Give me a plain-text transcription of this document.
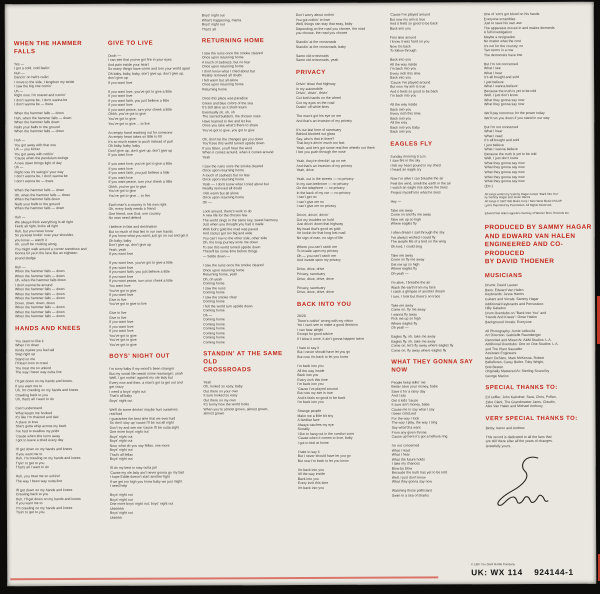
WHEN THE HAMMER FALLS
Yes —
I got a cold, cold feelin'
Huh —
Dancin' on hell's ceilin'
I move to the side, I lengthen my stride
I saw the big one comin'
Uh —
Right now, I'm scared and runnin'
I don't wanna be, I don't wanna be
I don't wanna be — there
When the hammer falls — down
Huh, when the hammer falls — down
When the hammer falls down
Nails your balls to the ground
When the hammer falls — down
Huh —
You got away with that one
Uh — you kicker
You got away with nothin'
'Cause when the pendulum swings
A new dawn brings light of day
Uh —
Right now it's swingin' your way
I don't wanna be, I don't wanna be
I don't wanna be — there
When the hammer falls — down
Oh, when the hammer falls — down
When the hammer falls down
Nails your balls to the ground
When the hammer falls — down
Huh —
We always think everything is all right
Feels all right, looks all right
Huh, but you never know
So ya keep lookin' over your shoulder,
you know — watch it
Uh, you'll be cruising along
You might walk around a corner somehow and
Gonna hit ya in the face like an eighteen
pound sledge
Huh —
When the hammer falls — down
When the hammer falls — down
Uh, when the hammer falls down
I don't wanna be around
When the hammer falls — down
When the hammer falls — down
When the hammer falls — down
Down, down, down, down
When the hammer falls — down
When the hammer falls — down
When the hammer falls — down
HANDS AND KNEES
You seem to like it
When I'm down
Kinda makes you feel tall
Step right up
Stand on me
I'll learn how to crawl
You treat me so unkind
The way I been way outta line
I'll get down on my hands and knees.
If you want me to
Uh, I'm crawling on my hands and knees
Crawling back to you
Uh, that's all I want to do
Can't understand
What keeps me hooked
It's like I'm chained and tied
A slave to love
She's gotta whip across my back
I've had to swallow my pride
'Cause when she turns away
I got to leave a shed every day
I'll get down on my hands and knees
If you want me to
Huh, I'm crawling on my hands and knees
Tryin' to get to you
That's all I want to do
Huh, you treat me so unkind
The way I been way outta line
I'll get down on my hands and knees
Crawling back to you
Huh, I'll get down on my hands and knees
If you want me to
I'm crawling on my hands and knees
Tryin' to get to you
GIVE TO LIVE
Oooh —
I can see that you've got fire in your eyes
And pain inside your heart
So many things have come and torn your world apart
Oh baby, baby, baby, don't give up, don't give up,
don't give up
If you want love
If you want love, you've got to give a little
If you want love
If you want faith, you just believe a little
If you want love
If you want peace, turn your cheek a little
Ohhh, you've got to give
You've got to give
You've got to give ... to live
An empty hand reaching out for someone
An empty heart takes so little to fill
It's so much easier to push instead of pull
Oh baby, baby, baby
Don't give up, don't give up, don't give up
If you want love
If you want love, you've got to give a little
If you want love
If you want faith, you just believe a little
If you want love
If you want peace, turn your cheek a little
Ohhh, you've got to give
You've got to give
You've got to give ... to live
Each man's a country in his own right
Oh, every body needs a friend
One friend, one God, one country
No man need defend
I believe in fate and destination
But so much of that lies in our own hands
If you know what you want, just go on out and get it
Oh baby, baby
Don't give up, don't give up
Yeah, yeah
If you want love
If you want love, you've got to give a little
If you want love
If you want faith, you just believe a little
If you want love
If you want peace, turn your cheek a little
You want love
You've got to give
If you want love
Give to live
You've got to give to live
Give to live
Give to live
If you want love
If you want love
If you want love
You've got to give
You've got to give
You've got to give
BOYS' NIGHT OUT
I'm sorry baby if my mood's been changin'
But my social life needs some rearrangin', yeah
Well, I got nothin' against my ole lady but
Every now and then, a man's got ta get out and
get crazy
I need a boys' night out
That's all baby
Boys' night out
We'll do some drinkin' maybe hurt ourselves
real bad
I guarantee the best time that we ever had
So don't stay up 'cause I'll be out all night
Don't try and see me 'cause I'll be outta sight
One more boys' night out
Boys' night out
Boys' night out
Now, what do you say fellas, one more
Boys' night out
That's all fellas
Boys' night out
I'll do my best to stay outta jail
'Cause my ole lady ain't never gonna go my bail
I hope Eddie doesn't start another fight
If we get too high you know baby we just might
I need help
Boys' night out
Boys' night out
One more boys' night out, boys' night out
Uhhhhhh
Boys' night out
Uhhhhh
Boys' night out
What's happening, mama
Boys' night out
That's all
RETURNING HOME
I saw the ruins once the smoke cleared
Once upon returning home
A touch of sadness, but no fear
Once upon returning home
I don't know what I cried about but
Reality removed all doubt
I felt warm but all alone
Once upon returning home
Returning home
Once this place was paradise
Green and blue colors of the sea
It's still alive as it shall return
Eventually oh, oh, oh
The sacred builders, the chosen ones
Have learned to live and let live
Once you take what's there to share
You've got to give, you got to give
Oh, don't let the changes get you down
You'll see this world turned upside down
If you listen, you'll hear the wind
When it comes around, when it comes around
Yeah
I saw the ruins once the smoke cleared
Once upon returning home
A touch of sadness but no fear
Once upon returning home
Yeah — I don't know what I cried about but
Reality removed all doubt
I felt warm but all alone
Once upon returning home
Oh —
Look around, there's work to do
A new life for the chosen few
The world sings in the same key, sweet harmony
Just when you thought you had it made
With fool's gold the road was paved
And cactus got too big and wide
You can't row to the other side, other side
Oh, the long journey wore me down
To see this world turned upside down
There'll be some time before things
— Settle down —
I saw the ruins once the smoke cleared
Once upon returning home
Returning home, yeah
Oh, oh yeah
Coming home
I saw the ruins
Coming home
I saw the smoke clear
Coming home
I felt the world turn upside down
Coming home
Oh —
Coming home
Coming home
Coming home
Coming home
Coming home
Coming home
STANDIN' AT THE SAME OLD
CROSSROADS
Yeah
Oh, looked so easy, baby
Out there on your own
It sure looked so easy
Out there on my own
It's funny how the world looks
When you're almost grown, almost grown,
almost grown
Don't worry about nothin'
You got nothin' to lose
Well, things can stay that easy, baby
Depending on the road you choose, the road
you choose, the road you choose
Standin' at the crossroads
Standin' at the crossroads, baby
Same old crossroads
Same old crossroads, yeah
PRIVACY
Drivin' down that highway
In my automobile
Drivin', drivin', drivin'
Got both hands on the wheel
Got my eyes on the road
Dustin' off white lines
The man's got his eye on me
And that's an invasion of my privacy
It's our last form of sanctuary
Behind blocked out glass
Say, who's that in there?
That boy's drivin' much too fast
Yeah, and he's got some real fine wheels out there
I bet you push through the nose
Yeah, they're checkin' up on me
And that's an invasion of my privacy
Yeah, drive
Yeah, out in the streets — no privacy
In my own bedroom — no privacy
On the telephone — no privacy
In the back of my car — no privacy
I can't get no
I can't give me no
I can't give me no privacy
Drivin', drivin', drivin'
Got my troubles on hold
Just drivin' down that highway
My head that's good as gold
I'm lookin for that long lost road
No sign of man, no sign of life
Where you can't catch me
To invade upon my privacy
Oh — you can't catch me
And invade upon my privacy
Drive, drive, drive
Privacy, sanctuary
Drive, drive, drive, drive
Privacy, sanctuary
Drive, drive, drive, drive
BACK INTO YOU
20/20
There's nothin' wrong with my vision
Yet I can't see to make a good decision
I can hear alright
Except for good advice
If I blow it once, it ain't gonna happen twice
I hate to say it
But I never should have let you go
But now I'm back to let you know
I'm back into you
All the way inside
Back into you
Every inch this time
I'm back into you
'Cause I've played around
But now my aim is true
And it feels so good to be back
I'm back into you
Strange people
Make me a little bit shy
A familiar face
Always catches my eye
Socially
I like to hang out in the comfort zone
'Cause when it comes to love, baby
I got to feel at home
I hate to say it
But I never should have let you go
But now I'm back to let you know
I'm back into you
All the way inside
Back into you
Every inch this time
I'm back into you
'Cause I've played around
But now my aim is true
And it feels so good to be back
Back into you
First time around
I know it was hard on you
Now I'm back
To follow through
Back into you
All the way inside
I'm back into you
Every inch this time
Back into you
'Cause I've played around
But now my aim is true
And it feels so good to be back
I'm back into you
All the way inside
Back into you
Every inch this time
Back into you
All the way
Back into you baby
Back into you
EAGLES FLY
Sunday morning 9 a.m.
I saw fire in the sky
I felt my heart pound in my chest
I heard an eagle cry
Now I'm alive I can breathe the air
Feel the wind, smell the earth in the air
I watch an eagle rise above the trees
Project myself into what he sees
Hey —
Take me away
Come on and fly me away
Take me up so high
Where eagles fly
I often dream I sail through the sky
I've always wished I could fly
The simple life of a bird on the wing
Oh lord, I could sing
Take me away
Come on fly me away
Get me up so high
Where eagles fly
Oh yeah —
I'm alive, I breathe the air
Wash the earth from my face
I catch a glimpse of another dream
I turn, I look but there's no trace
Take me away
Come on, fly me away
I wanna fly away
Pick me up so high
Where eagles fly
Oh yeah —
Eagles fly, oh, take me away
Eagles fly, oh, take me away
Come on, let's fly away where eagles fly
Come on, fly away where eagles fly
WHAT THEY GONNA SAY NOW
People keep tellin' me
Better save your money, babe
Save it for a rainy day
And I say
Get it kids 'cause
It sure ain't money, babe
Cause me to say what I say
I been criticized
For the way I look
The way I play, the way I sing
Say what'cha want
From any given throne
Cause up here it's got a helluva ring
I'm not concerned
What I read
What I hear
What the future holds
I take my chances
Blow by blow
Because the truth has yet to be told
Well, I just don't know
What they gonna say now
Watching those politicians
Swim in a sea of sharks
One of 'em's got blood on his hands
Everyone scrambles
Just to save his own ass
The apparatus moves in and makes demands
A full investigation
Maybe a resignation
No matter what the cost
It's not for the country, no
Two terms in a row
The democrats have lost
But I'm not concerned
What I see
What I hear
It's all bought and sold
I just believe
What I wanna believe
Because the truth is yet to be told
Well, I just don't know
What they gonna say now
What they gonna say now
We'll pay tomorrow for the power today
We'll run you down if you stand in our way
But I'm not concerned
What I hear
What I read
It's all bought and sold
I just believe
What I wanna believe
Because the truth is yet to be told
Well, I just don't know
What they gonna say now
What they gonna say now
What they gonna say now
What they gonna say now
What they gonna say now
(Etc.)
All songs written by Sammy Hagar except "Back Into You"
by Sammy Hagar and Jesse Harms
All songs © 1987 WB Music Corp / Nine West Music ASCAP
Lyrics Reprinted by Permission. All Rights Reserved.
Edward Van Halen appears courtesy of Warner Bros. Records Inc.
PRODUCED BY SAMMY HAGAR
AND EDWARD VAN HALEN
ENGINEERED AND CO-PRODUCED
BY DAVID THOENER
MUSICIANS
Drums: David Lauser
Bass: Edward Van Halen
Keyboards: Jesse Harms
Guitars and Vocals: Sammy Hagar
Additional Keyboards and Percussion:
Hilly Galadon
Drum Overdubs on "Back Into You" and
"Hands And Knees": Omar Hakim
Background Vocals: Everyone
All Photography: Annie Leibovitz
Art Direction: Gabrielle Raumberger
Recorded and Mixed At: A&M Studios: L.A.
Additional Overdubs: One on One Studios: L.A.
and The Plant Sausalito
Assistant Engineers:
Marc DeSisto, Mark McKenna, Robert
Bellaflores, Carey Butler, Toby Wright,
Bob Besten
Originally Mastered At: Sterling Sound by
George Marino
SPECIAL THANKS TO:
Ed Leffler, John Kalodner, Sara, Chris, Pollan,
Zeke Clark, The Grandmaster Jams, Claudio,
Alex Van Halen and Michael Anthony
VERY SPECIAL THANKS TO:
Betsy, Aaron and Andrew
This record is dedicated to all the fans that
are still there after all the years of changes.
Gratefully yours,
© 1987 The Giant Gorilla Company
UK: WX 114    924144-1
